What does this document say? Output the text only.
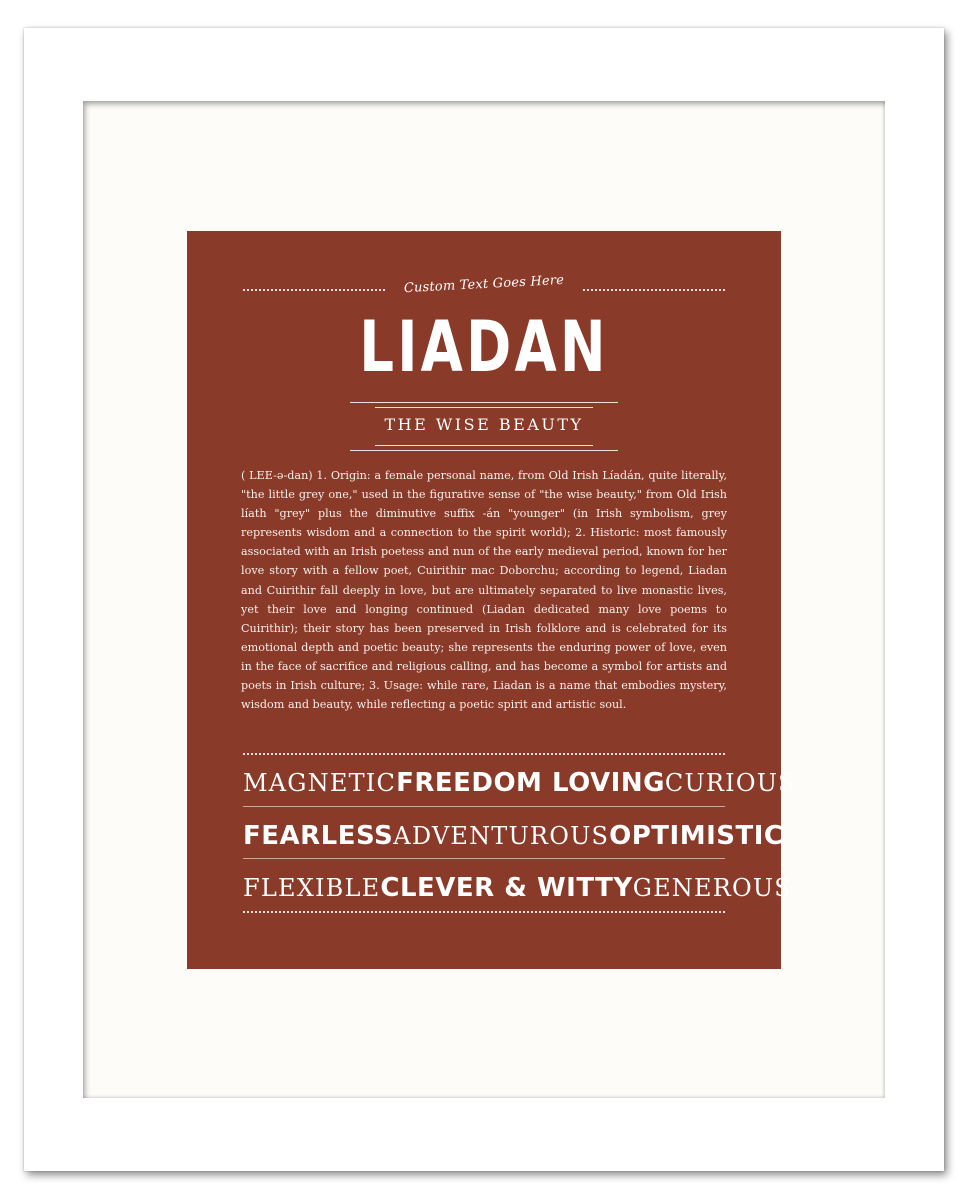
Custom Text Goes Here
LIADAN
THE WISE BEAUTY
( LEE-ə-dan) 1. Origin: a female personal name, from Old Irish Líadán, quite literally, "the little grey one," used in the figurative sense of "the wise beauty," from Old Irish líath "grey" plus the diminutive suffix -án "younger" (in Irish symbolism, grey represents wisdom and a connection to the spirit world); 2. Historic: most famously associated with an Irish poetess and nun of the early medieval period, known for her love story with a fellow poet, Cuirithir mac Doborchu; according to legend, Liadan and Cuirithir fall deeply in love, but are ultimately separated to live monastic lives, yet their love and longing continued (Liadan dedicated many love poems to Cuirithir); their story has been preserved in Irish folklore and is celebrated for its emotional depth and poetic beauty; she represents the enduring power of love, even in the face of sacrifice and religious calling, and has become a symbol for artists and poets in Irish culture; 3. Usage: while rare, Liadan is a name that embodies mystery, wisdom and beauty, while reflecting a poetic spirit and artistic soul.
MAGNETIC FREEDOM LOVING CURIOUS
FEARLESS ADVENTUROUS OPTIMISTIC
FLEXIBLE CLEVER & WITTY GENEROUS
